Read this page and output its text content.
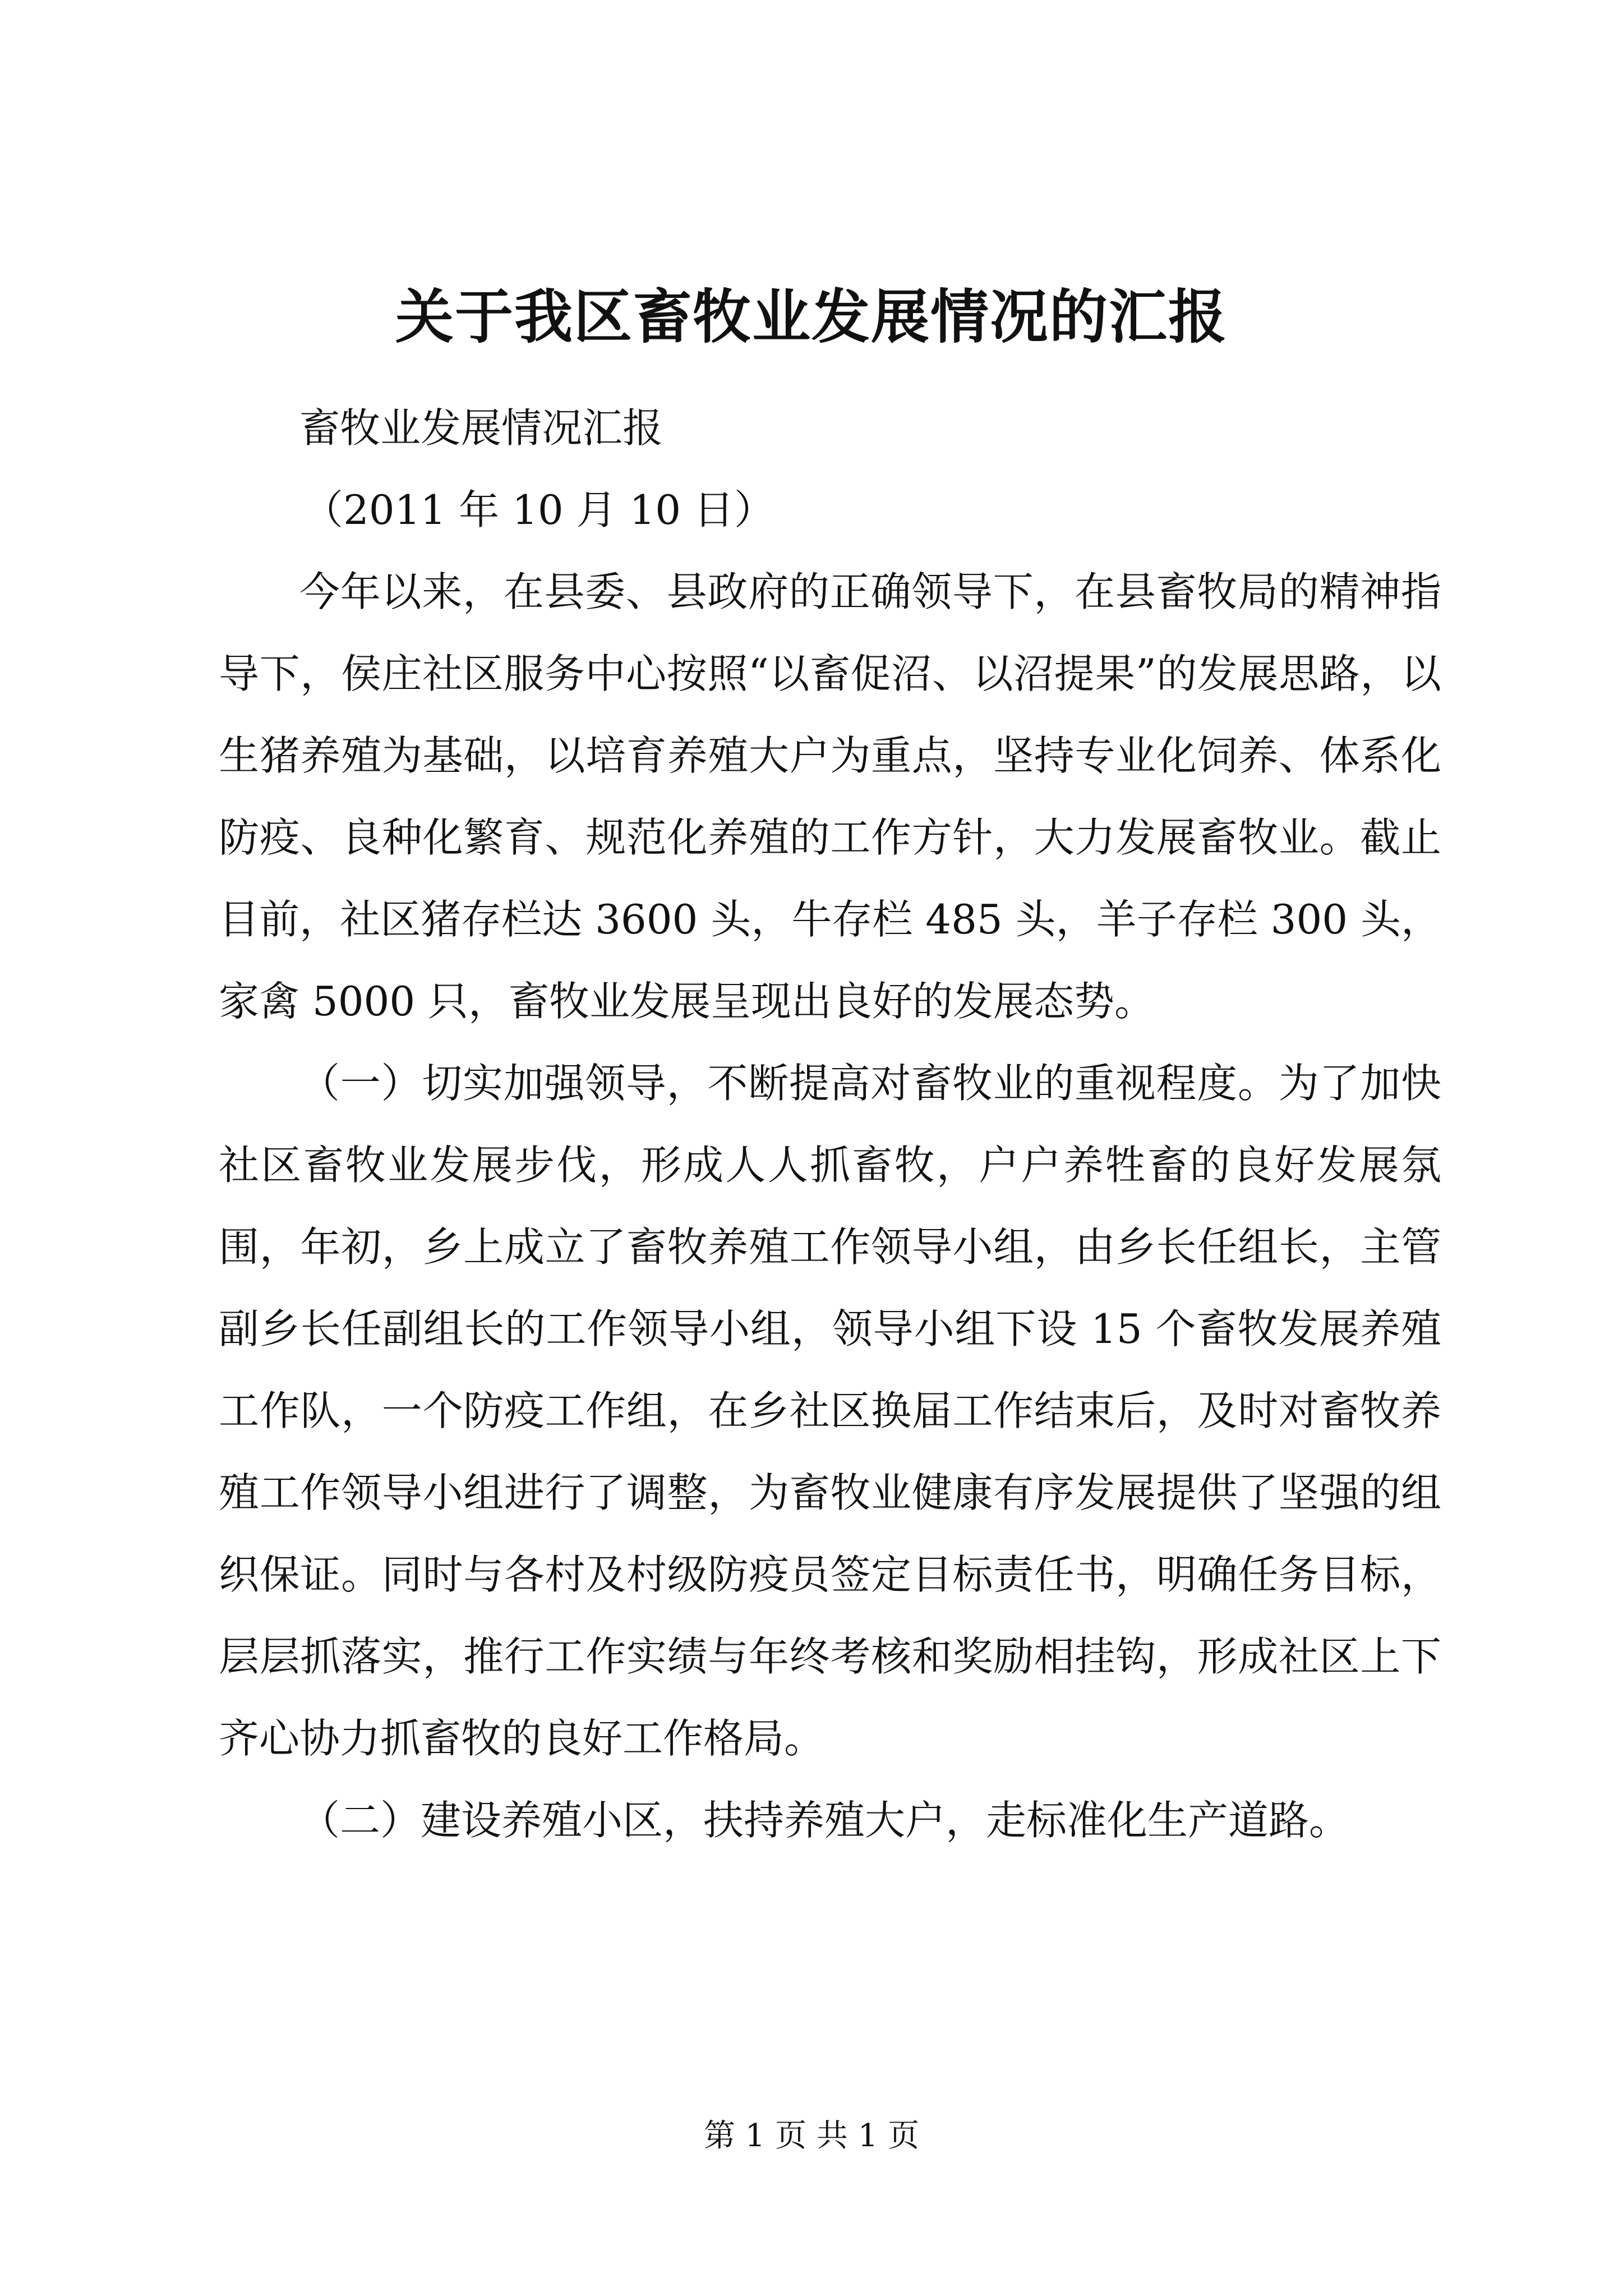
关于我区畜牧业发展情况的汇报

畜牧业发展情况汇报

（2011 年 10 月 10 日）

今年以来，在县委、县政府的正确领导下，在县畜牧局的精神指导下，侯庄社区服务中心按照“以畜促沼、以沼提果”的发展思路，以生猪养殖为基础，以培育养殖大户为重点，坚持专业化饲养、体系化防疫、良种化繁育、规范化养殖的工作方针，大力发展畜牧业。截止目前，社区猪存栏达 3600 头，牛存栏 485 头，羊子存栏 300 头，家禽 5000 只，畜牧业发展呈现出良好的发展态势。

（一）切实加强领导，不断提高对畜牧业的重视程度。为了加快社区畜牧业发展步伐，形成人人抓畜牧，户户养牲畜的良好发展氛围，年初，乡上成立了畜牧养殖工作领导小组，由乡长任组长，主管副乡长任副组长的工作领导小组，领导小组下设 15 个畜牧发展养殖工作队，一个防疫工作组，在乡社区换届工作结束后，及时对畜牧养殖工作领导小组进行了调整，为畜牧业健康有序发展提供了坚强的组织保证。同时与各村及村级防疫员签定目标责任书，明确任务目标，层层抓落实，推行工作实绩与年终考核和奖励相挂钩，形成社区上下齐心协力抓畜牧的良好工作格局。

（二）建设养殖小区，扶持养殖大户，走标准化生产道路。

第 1 页 共 1 页
